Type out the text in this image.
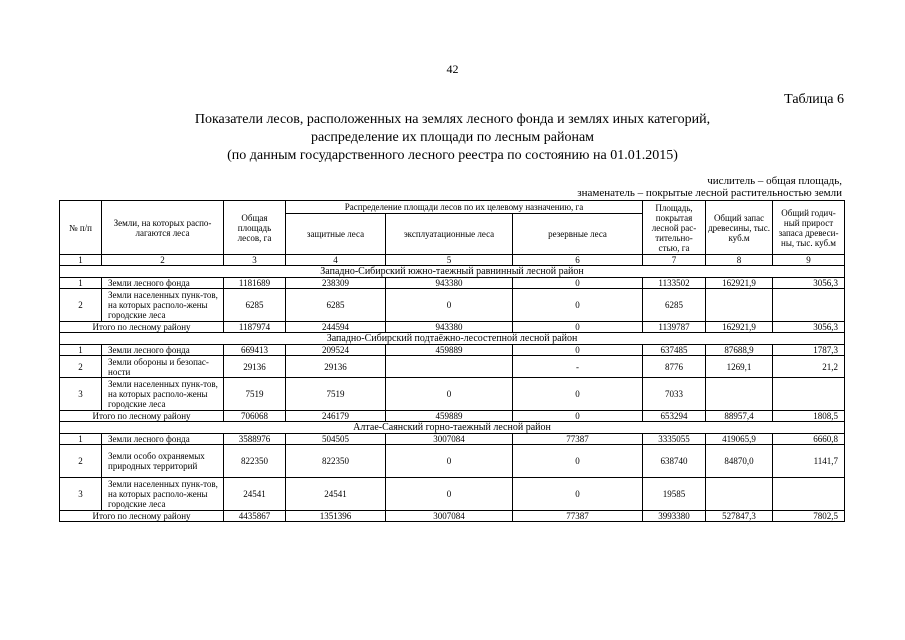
42
Таблица 6
Показатели лесов, расположенных на землях лесного фонда и землях иных категорий,
распределение их площади по лесным районам
(по данным государственного лесного реестра по состоянию на 01.01.2015)
числитель – общая площадь,
знаменатель – покрытые лесной растительностью земли
№ п/п	Земли, на которых распо-лагаются леса	Общая площадь лесов, га	Распределение площади лесов по их целевому назначению, га			Площадь, покрытая лесной рас-тительно-стью, га	Общий запас древесины, тыс. куб.м	Общий годич-ный прирост запаса древеси-ны, тыс. куб.м
			защитные леса	эксплуатационные леса	резервные леса			
1	2	3	4	5	6	7	8	9
Западно-Сибирский южно-таежный равнинный лесной район								
1	Земли лесного фонда	1181689	238309	943380	0	1133502	162921,9	3056,3
2	Земли населенных пунк-тов, на которых располо-жены городские леса	6285	6285	0	0	6285		
Итого по лесному району		1187974	244594	943380	0	1139787	162921,9	3056,3
Западно-Сибирский подтаёжно-лесостепной лесной район								
1	Земли лесного фонда	669413	209524	459889	0	637485	87688,9	1787,3
2	Земли обороны и безопас-ности	29136	29136		-	8776	1269,1	21,2
3	Земли населенных пунк-тов, на которых располо-жены городские леса	7519	7519	0	0	7033		
Итого по лесному району		706068	246179	459889	0	653294	88957,4	1808,5
Алтае-Саянский горно-таежный лесной район								
1	Земли лесного фонда	3588976	504505	3007084	77387	3335055	419065,9	6660,8
2	Земли особо охраняемых природных территорий	822350	822350	0	0	638740	84870,0	1141,7
3	Земли населенных пунк-тов, на которых располо-жены городские леса	24541	24541	0	0	19585		
Итого по лесному району		4435867	1351396	3007084	77387	3993380	527847,3	7802,5
